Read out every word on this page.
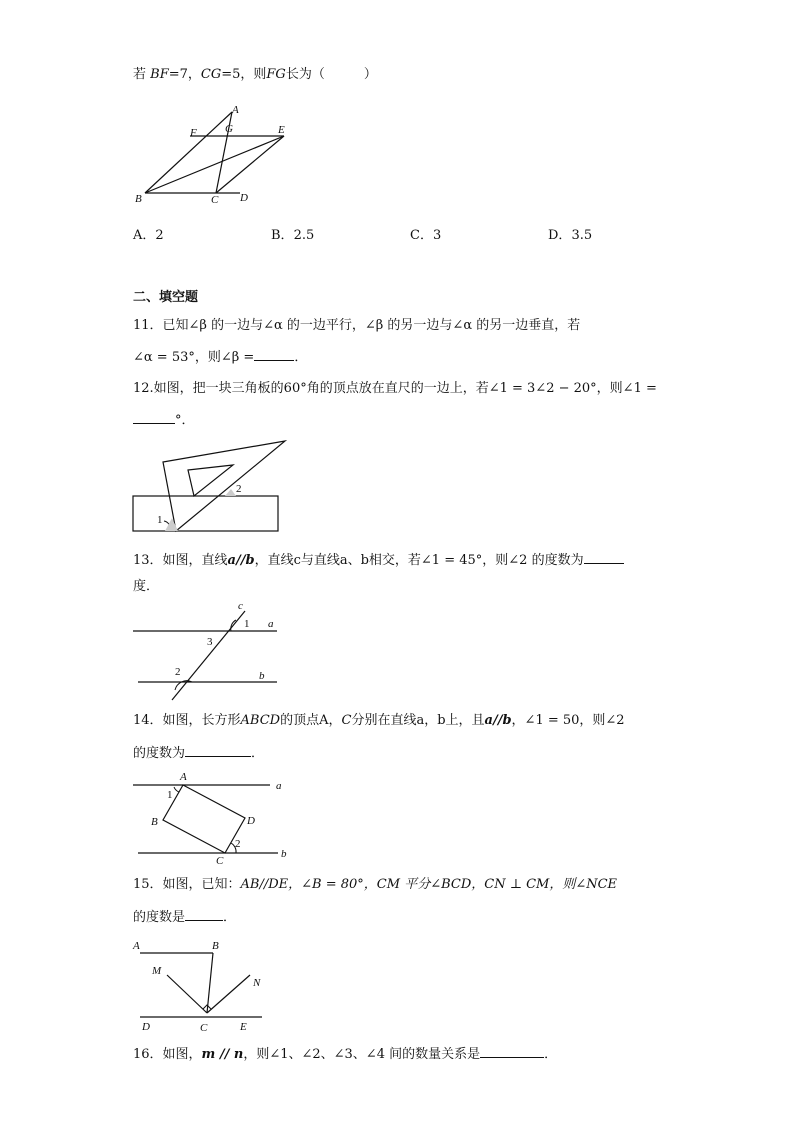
若 BF=7，CG=5，则FG长为（　　　）
A
F	G	E
B	C D
A．2	B．2.5	C．3	D．3.5
二、填空题
11．已知∠β 的一边与∠α 的一边平行，∠β 的另一边与∠α 的另一边垂直，若
∠α = 53°，则∠β =	．
12.如图，把一块三角板的60°角的顶点放在直尺的一边上，若∠1 = 3∠2 − 20°，则∠1 =
°．
1
2
13．如图，直线a//b，直线c与直线a、b相交，若∠1 = 45°，则∠2 的度数为
度．
c
1 a
3
2	b
14．如图，长方形ABCD的顶点A，C分别在直线a，b上，且a//b，∠1 = 50，则∠2
的度数为	．
A
a
1
B	D
2
C
b
15．如图，已知：AB//DE，∠B = 80°，CM 平分∠BCD，CN ⊥ CM，则∠NCE
的度数是	．
A	B
M
N
D	C	E
16．如图，m // n，则∠1、∠2、∠3、∠4 间的数量关系是	．
